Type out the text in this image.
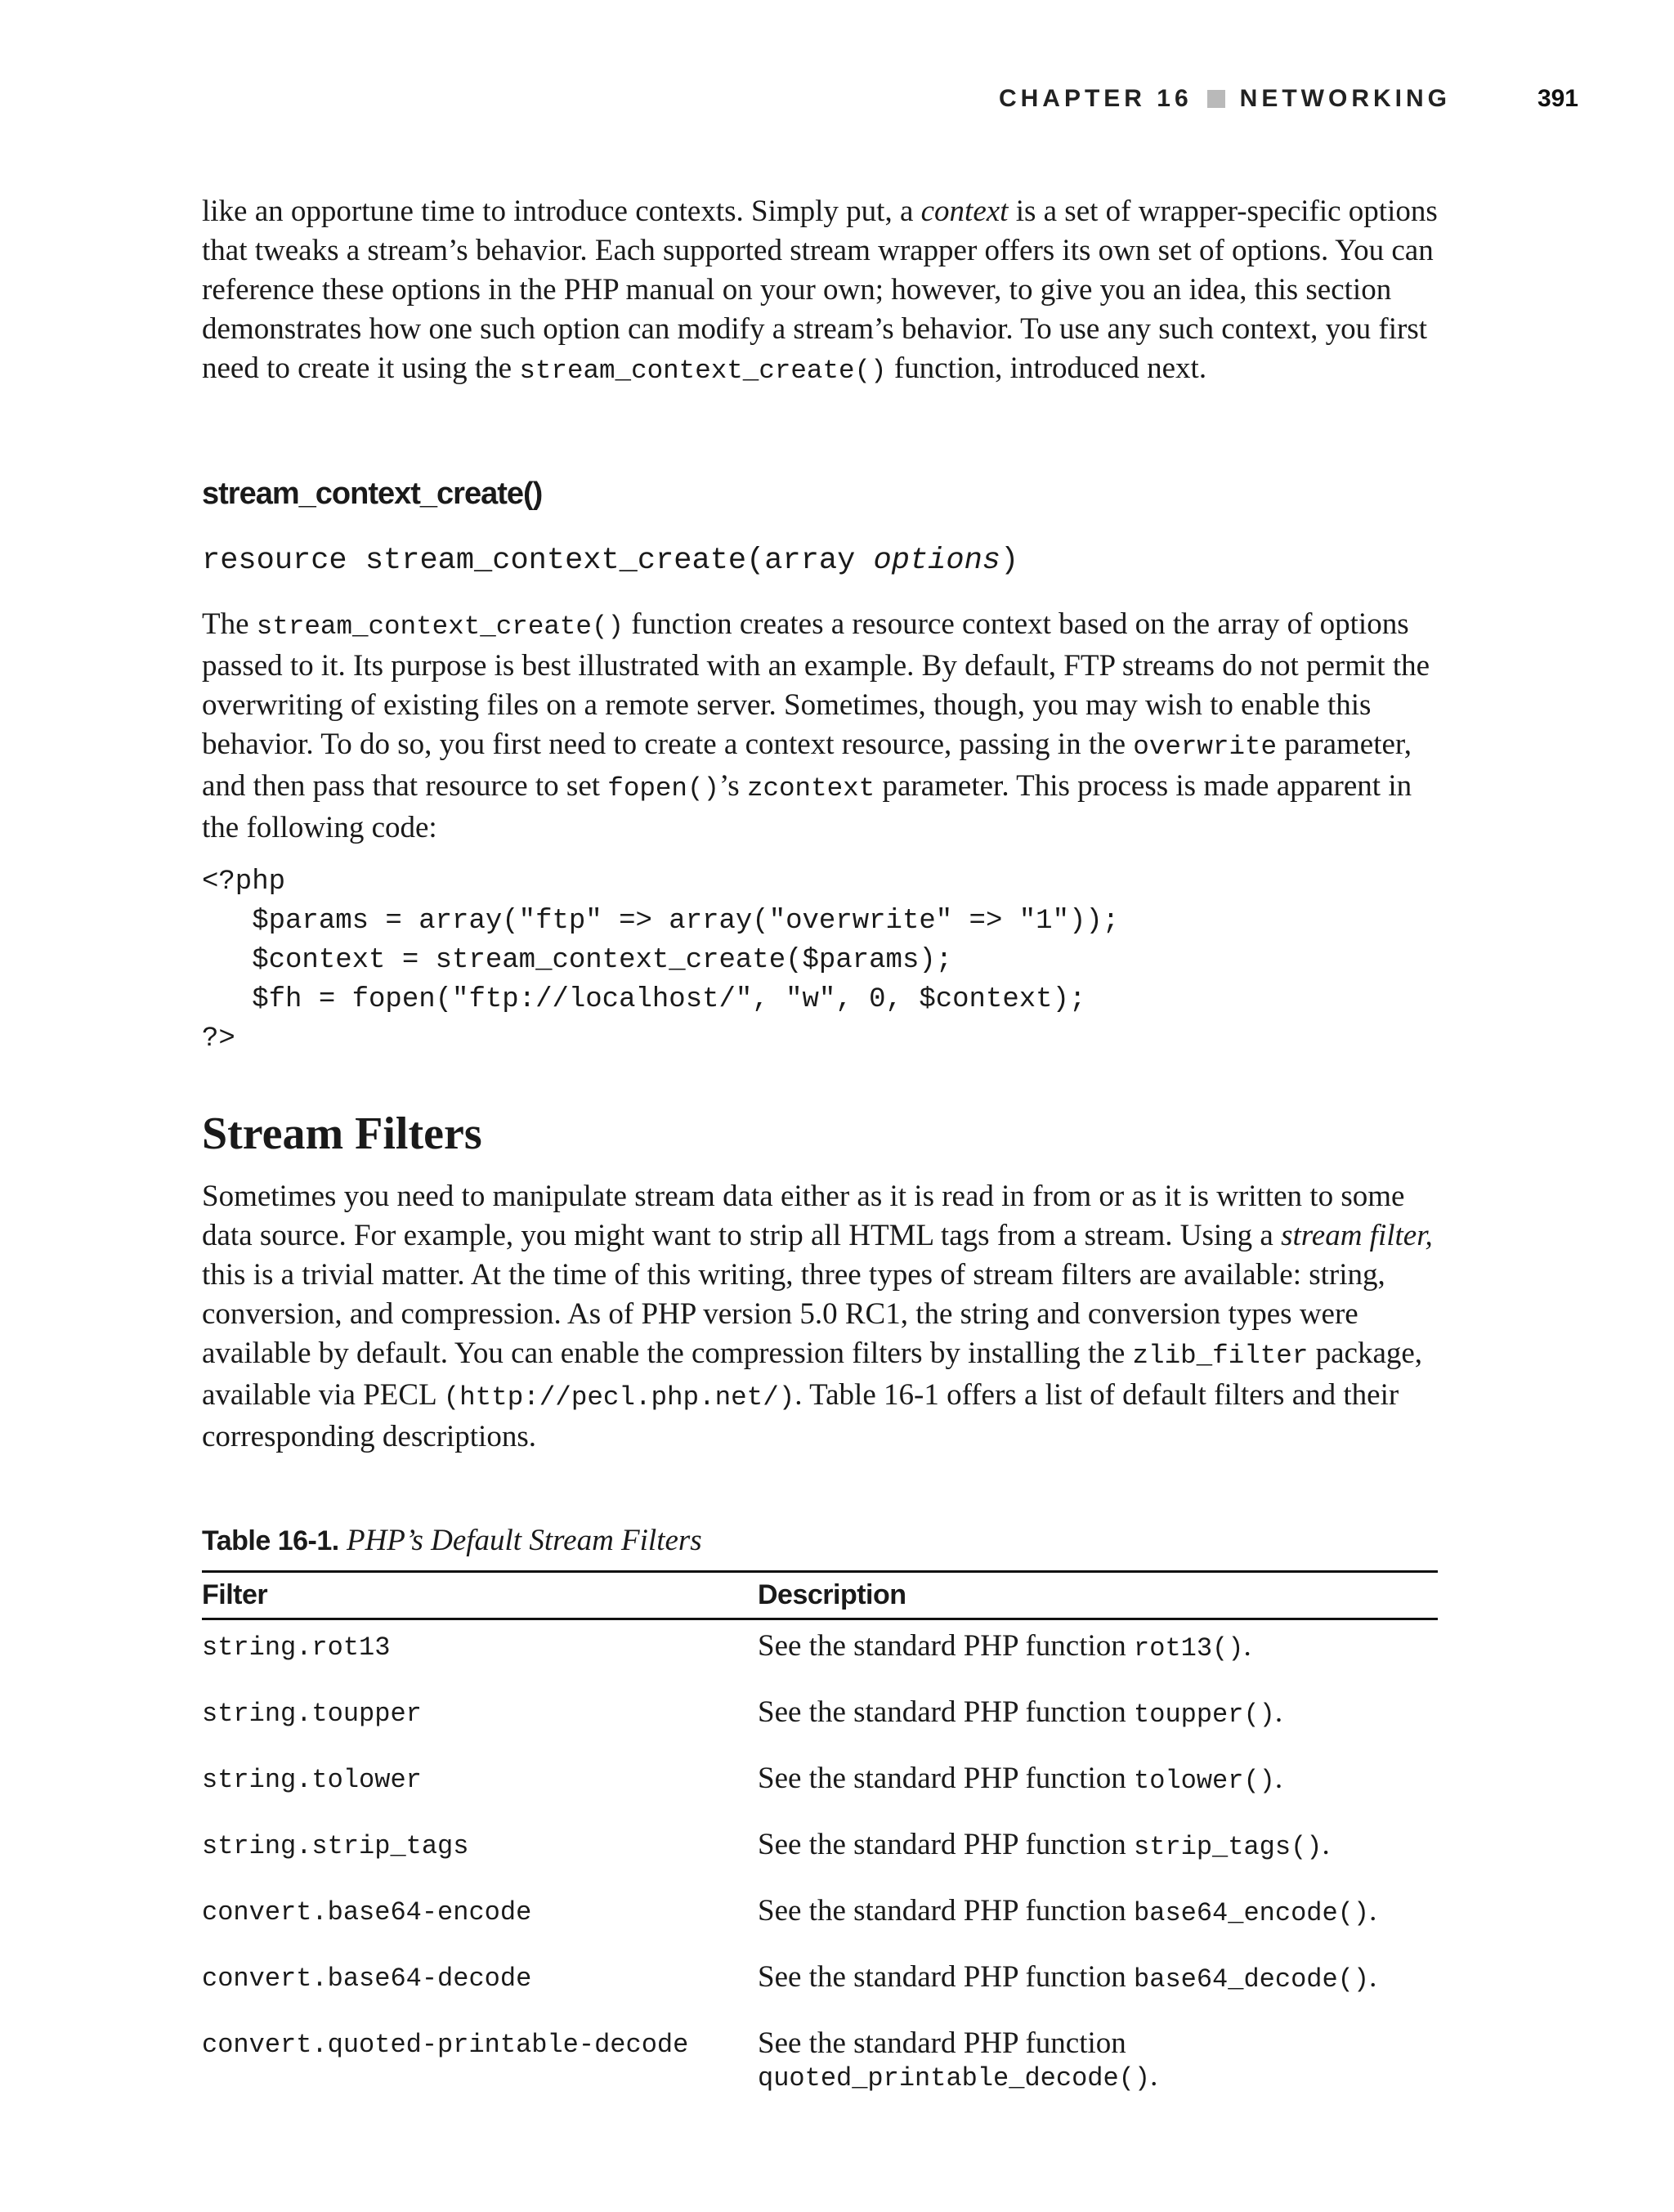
CHAPTER 16 NETWORKING	391

like an opportune time to introduce contexts. Simply put, a context is a set of wrapper-specific options that tweaks a stream’s behavior. Each supported stream wrapper offers its own set of options. You can reference these options in the PHP manual on your own; however, to give you an idea, this section demonstrates how one such option can modify a stream’s behavior. To use any such context, you first need to create it using the stream_context_create() function, introduced next.

stream_context_create()
resource stream_context_create(array options)

The stream_context_create() function creates a resource context based on the array of options passed to it. Its purpose is best illustrated with an example. By default, FTP streams do not permit the overwriting of existing files on a remote server. Sometimes, though, you may wish to enable this behavior. To do so, you first need to create a context resource, passing in the overwrite parameter, and then pass that resource to set fopen()’s zcontext parameter. This process is made apparent in the following code:

<?php
$params = array("ftp" => array("overwrite" => "1"));
$context = stream_context_create($params);
$fh = fopen("ftp://localhost/", "w", 0, $context);
?>
Stream Filters

Sometimes you need to manipulate stream data either as it is read in from or as it is written to some data source. For example, you might want to strip all HTML tags from a stream. Using a stream filter, this is a trivial matter. At the time of this writing, three types of stream filters are available: string, conversion, and compression. As of PHP version 5.0 RC1, the string and conversion types were available by default. You can enable the compression filters by installing the zlib_filter package, available via PECL (http://pecl.php.net/). Table 16-1 offers a list of default filters and their corresponding descriptions.

Table 16-1. PHP’s Default Stream Filters
Filter	Description
string.rot13	See the standard PHP function rot13().
string.toupper	See the standard PHP function toupper().
string.tolower	See the standard PHP function tolower().
string.strip_tags	See the standard PHP function strip_tags().
convert.base64-encode	See the standard PHP function base64_encode().
convert.base64-decode	See the standard PHP function base64_decode().
convert.quoted-printable-decode	See the standard PHP function
quoted_printable_decode().
